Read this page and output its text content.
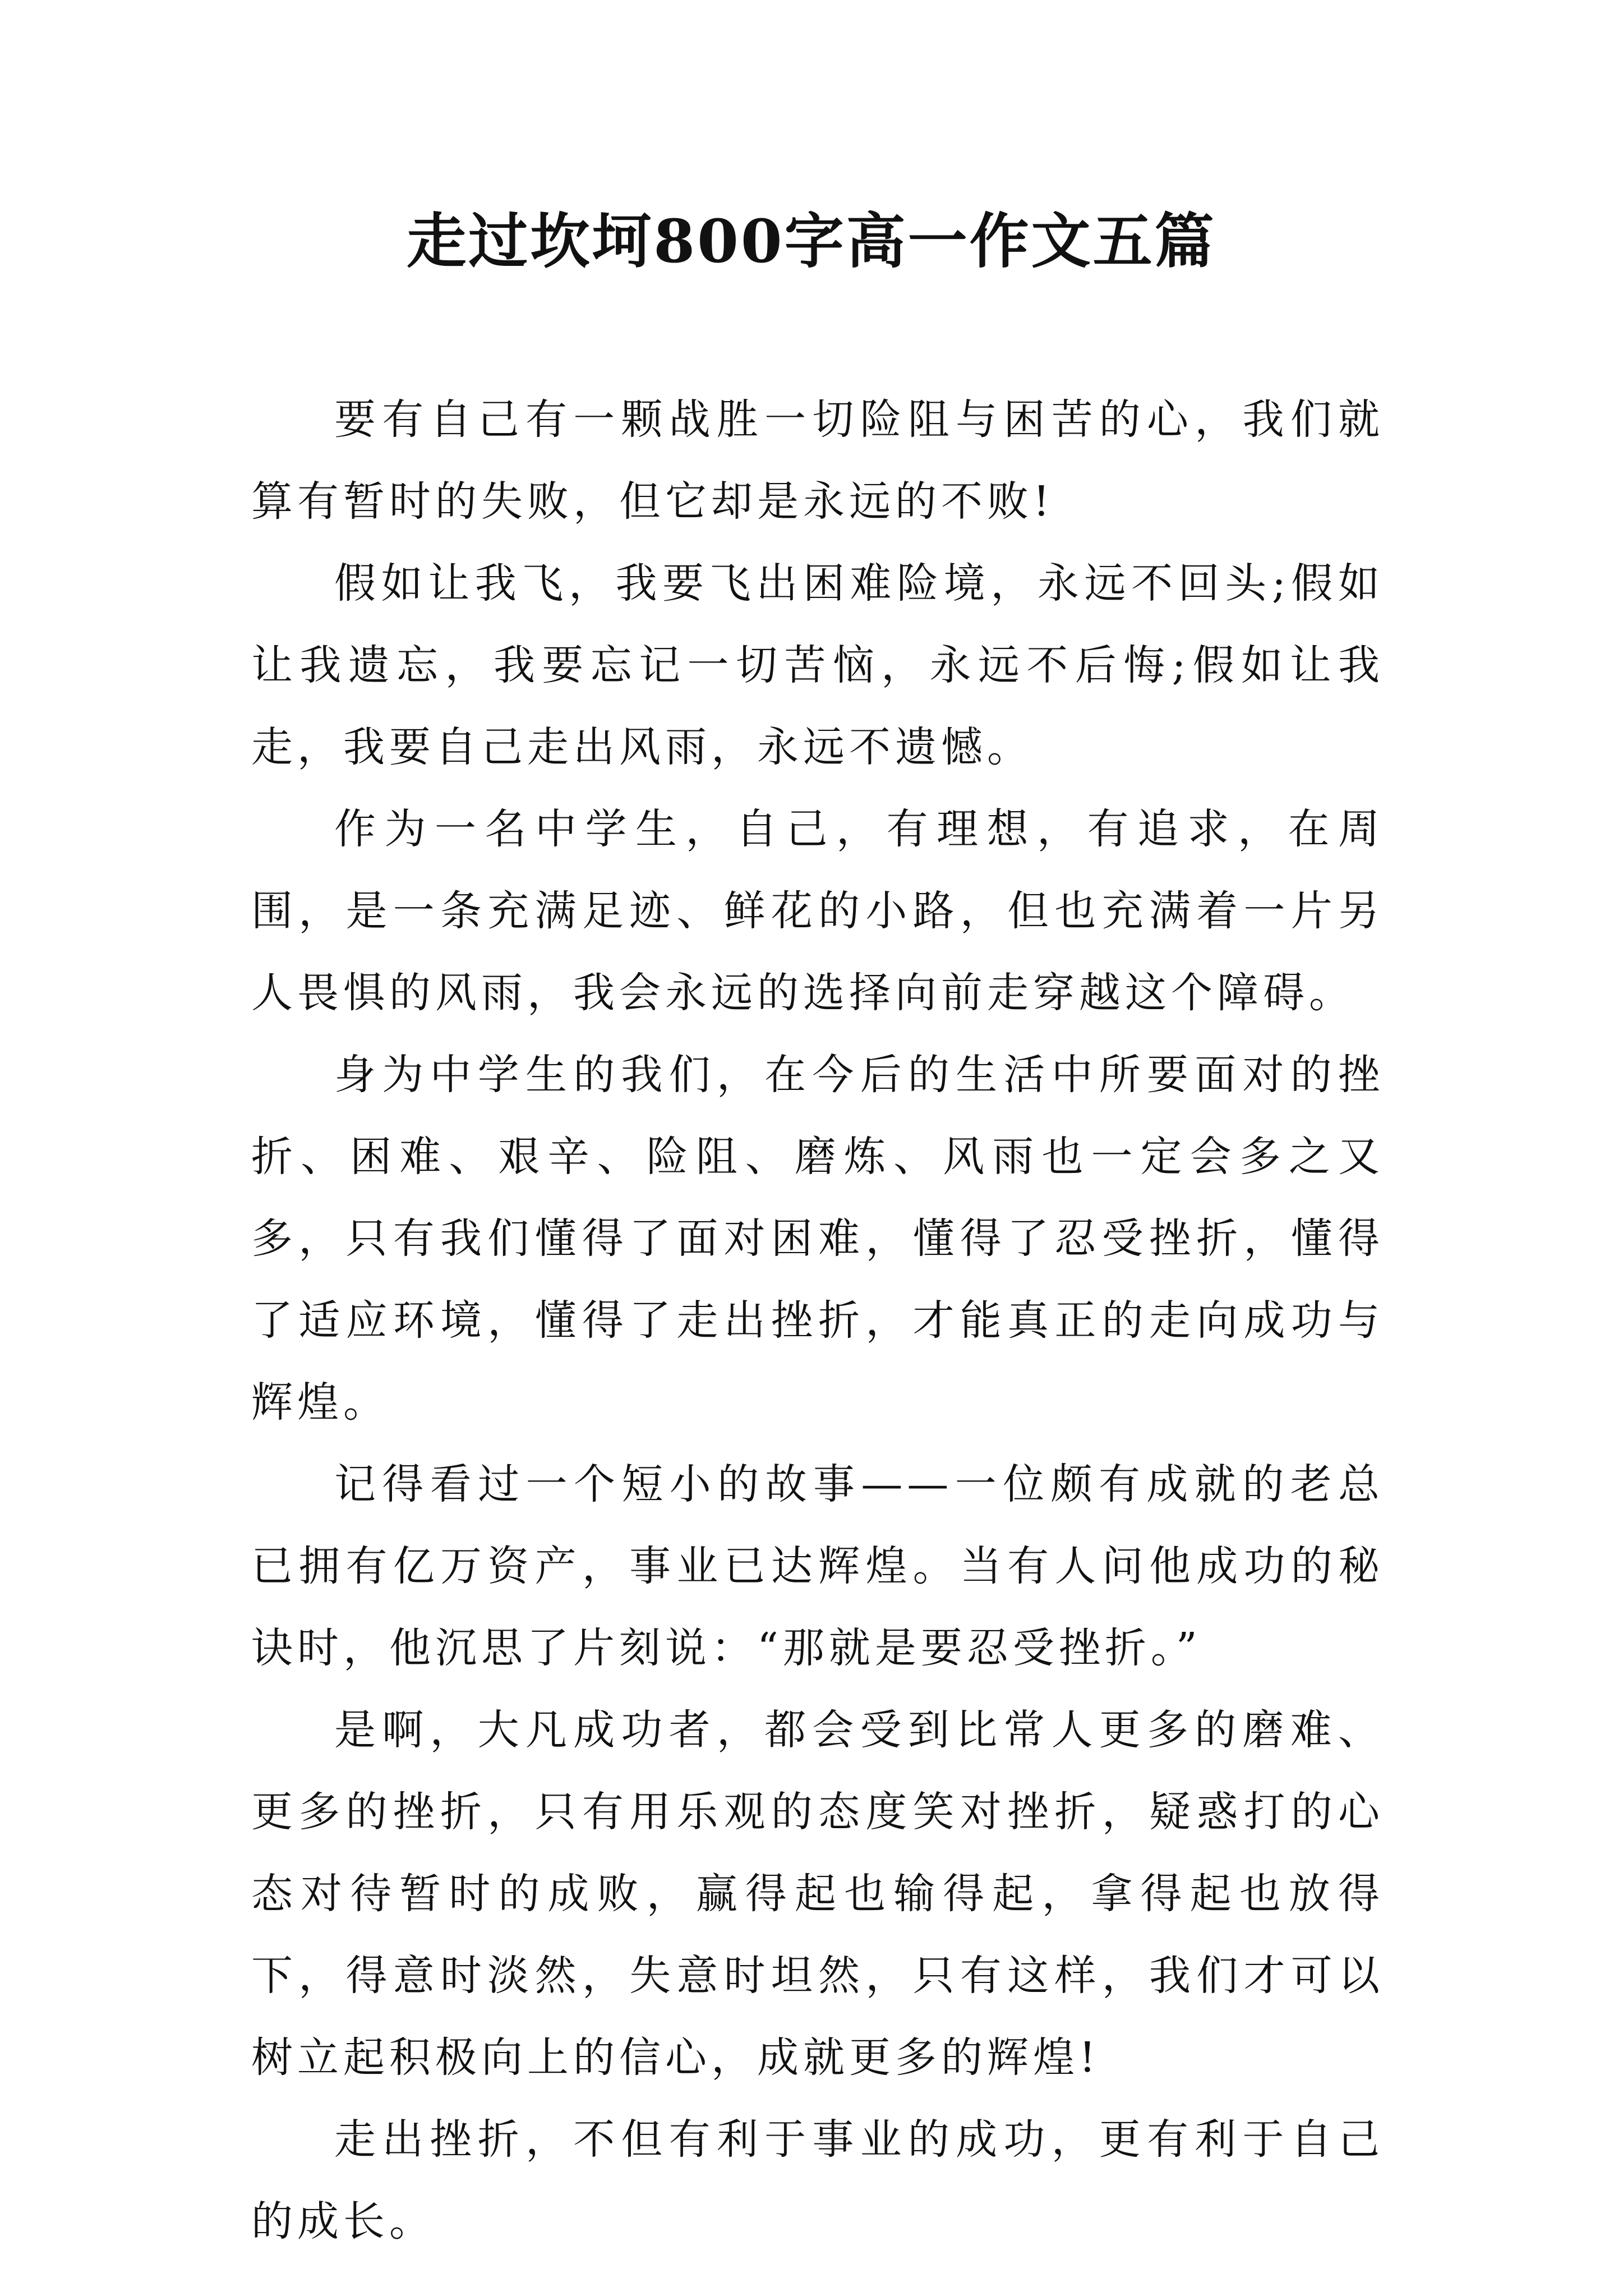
走过坎坷800字高一作文五篇

要有自己有一颗战胜一切险阻与困苦的心，我们就算有暂时的失败，但它却是永远的不败!

假如让我飞，我要飞出困难险境，永远不回头;假如让我遗忘，我要忘记一切苦恼，永远不后悔;假如让我走，我要自己走出风雨，永远不遗憾。

作为一名中学生，自己，有理想，有追求，在周围，是一条充满足迹、鲜花的小路，但也充满着一片另人畏惧的风雨，我会永远的选择向前走穿越这个障碍。

身为中学生的我们，在今后的生活中所要面对的挫折、困难、艰辛、险阻、磨炼、风雨也一定会多之又多，只有我们懂得了面对困难，懂得了忍受挫折，懂得了适应环境，懂得了走出挫折，才能真正的走向成功与辉煌。

记得看过一个短小的故事——一位颇有成就的老总已拥有亿万资产，事业已达辉煌。当有人问他成功的秘诀时，他沉思了片刻说：“那就是要忍受挫折。”

是啊，大凡成功者，都会受到比常人更多的磨难、更多的挫折，只有用乐观的态度笑对挫折，疑惑打的心态对待暂时的成败，赢得起也输得起，拿得起也放得下，得意时淡然，失意时坦然，只有这样，我们才可以树立起积极向上的信心，成就更多的辉煌!

走出挫折，不但有利于事业的成功，更有利于自己的成长。
